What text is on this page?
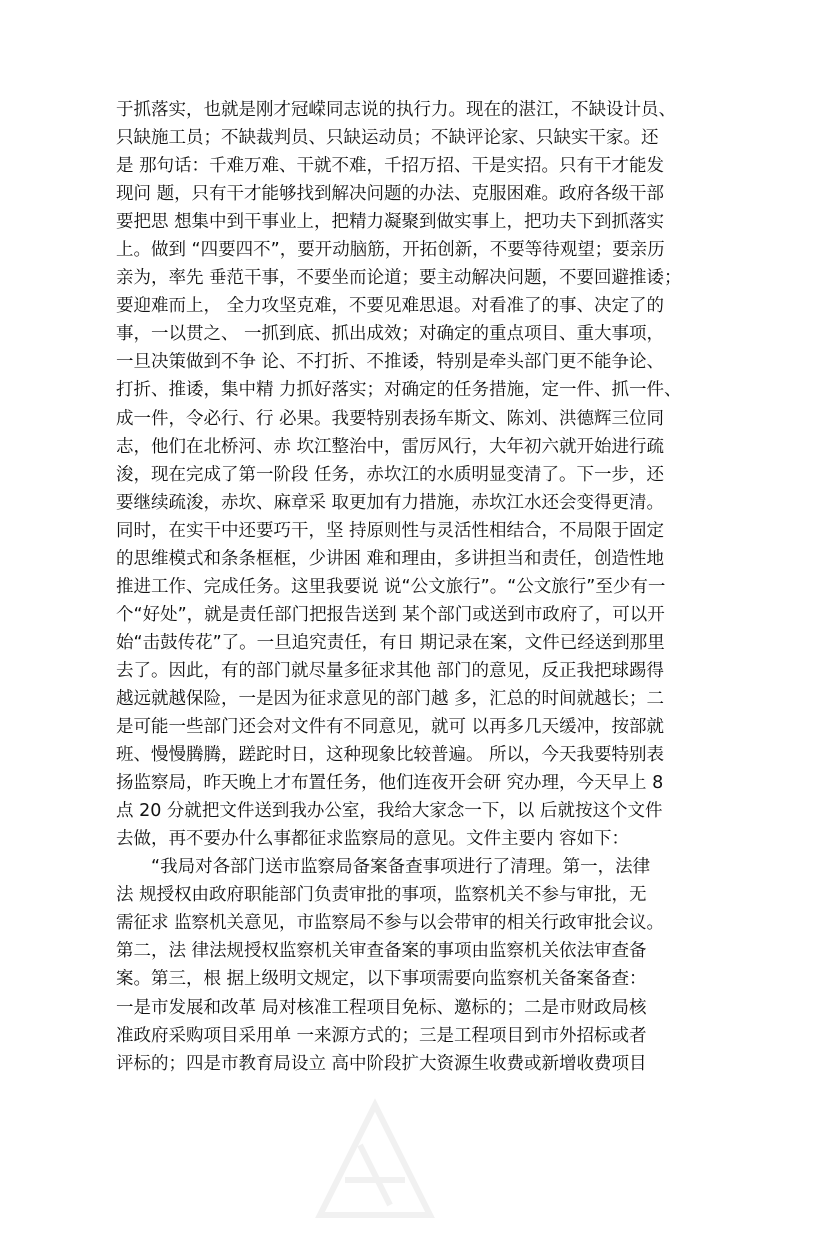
于抓落实，也就是刚才冠嵘同志说的执行力。现在的湛江，不缺设计员、
只缺施工员；不缺裁判员、只缺运动员；不缺评论家、只缺实干家。还
是 那句话：千难万难、干就不难，千招万招、干是实招。只有干才能发
现问 题，只有干才能够找到解决问题的办法、克服困难。政府各级干部
要把思 想集中到干事业上，把精力凝聚到做实事上，把功夫下到抓落实
上。做到 “四要四不”，要开动脑筋，开拓创新，不要等待观望；要亲历
亲为，率先 垂范干事，不要坐而论道；要主动解决问题，不要回避推诿；
要迎难而上， 全力攻坚克难，不要见难思退。对看准了的事、决定了的
事，一以贯之、 一抓到底、抓出成效；对确定的重点项目、重大事项，
一旦决策做到不争 论、不打折、不推诿，特别是牵头部门更不能争论、
打折、推诿，集中精 力抓好落实；对确定的任务措施，定一件、抓一件、
成一件，令必行、行 必果。我要特别表扬车斯文、陈刘、洪德辉三位同
志，他们在北桥河、赤 坎江整治中，雷厉风行，大年初六就开始进行疏
浚，现在完成了第一阶段 任务，赤坎江的水质明显变清了。下一步，还
要继续疏浚，赤坎、麻章采 取更加有力措施，赤坎江水还会变得更清。
同时，在实干中还要巧干，坚 持原则性与灵活性相结合，不局限于固定
的思维模式和条条框框，少讲困 难和理由，多讲担当和责任，创造性地
推进工作、完成任务。这里我要说 说“公文旅行”。“公文旅行”至少有一
个“好处”，就是责任部门把报告送到 某个部门或送到市政府了，可以开
始“击鼓传花”了。一旦追究责任，有日 期记录在案，文件已经送到那里
去了。因此，有的部门就尽量多征求其他 部门的意见，反正我把球踢得
越远就越保险，一是因为征求意见的部门越 多，汇总的时间就越长；二
是可能一些部门还会对文件有不同意见，就可 以再多几天缓冲，按部就
班、慢慢腾腾，蹉跎时日，这种现象比较普遍。 所以，今天我要特别表
扬监察局，昨天晚上才布置任务，他们连夜开会研 究办理，今天早上 8
点 20 分就把文件送到我办公室，我给大家念一下，以 后就按这个文件
去做，再不要办什么事都征求监察局的意见。文件主要内 容如下：
“我局对各部门送市监察局备案备查事项进行了清理。第一，法律
法 规授权由政府职能部门负责审批的事项，监察机关不参与审批，无
需征求 监察机关意见，市监察局不参与以会带审的相关行政审批会议。
第二，法 律法规授权监察机关审查备案的事项由监察机关依法审查备
案。第三，根 据上级明文规定，以下事项需要向监察机关备案备查：
一是市发展和改革 局对核准工程项目免标、邀标的；二是市财政局核
准政府采购项目采用单 一来源方式的；三是工程项目到市外招标或者
评标的；四是市教育局设立 高中阶段扩大资源生收费或新增收费项目
